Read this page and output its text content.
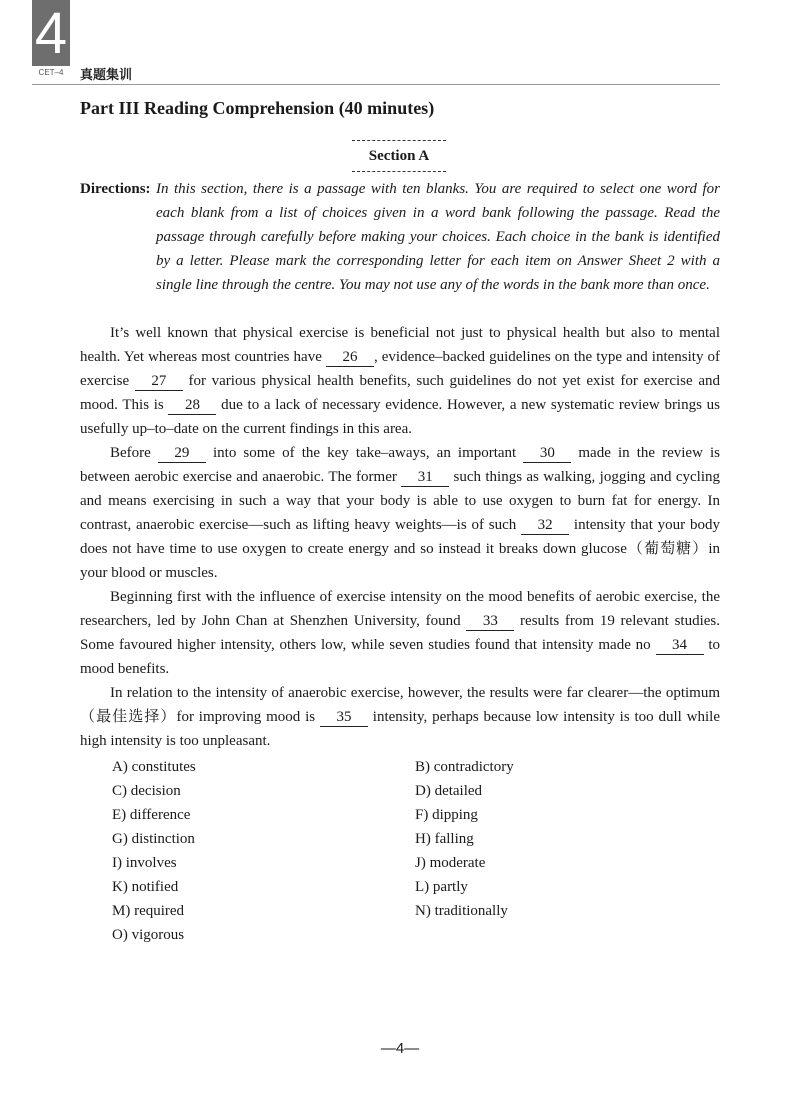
4
CET–4	真题集训
Part III Reading Comprehension (40 minutes)
Section A
Directions: In this section, there is a passage with ten blanks. You are required to select one word for each blank from a list of choices given in a word bank following the passage. Read the passage through carefully before making your choices. Each choice in the bank is identified by a letter. Please mark the corresponding letter for each item on Answer Sheet 2 with a single line through the centre. You may not use any of the words in the bank more than once.

It’s well known that physical exercise is beneficial not just to physical health but also to mental health. Yet whereas most countries have 26 , evidence–backed guidelines on the type and intensity of exercise 27 for various physical health benefits, such guidelines do not yet exist for exercise and mood. This is 28 due to a lack of necessary evidence. However, a new systematic review brings us usefully up–to–date on the current findings in this area.

Before 29 into some of the key take–aways, an important 30 made in the review is between aerobic exercise and anaerobic. The former 31 such things as walking, jogging and cycling and means exercising in such a way that your body is able to use oxygen to burn fat for energy. In contrast, anaerobic exercise—such as lifting heavy weights—is of such 32 intensity that your body does not have time to use oxygen to create energy and so instead it breaks down glucose（葡萄糖）in your blood or muscles.

Beginning first with the influence of exercise intensity on the mood benefits of aerobic exercise, the researchers, led by John Chan at Shenzhen University, found 33 results from 19 relevant studies. Some favoured higher intensity, others low, while seven studies found that intensity made no 34 to mood benefits.

In relation to the intensity of anaerobic exercise, however, the results were far clearer—the optimum（最佳选择）for improving mood is 35 intensity, perhaps because low intensity is too dull while high intensity is too unpleasant.

A) constitutes	B) contradictory
C) decision	D) detailed
E) difference	F) dipping
G) distinction	H) falling
I) involves	J) moderate
K) notified	L) partly
M) required	N) traditionally
O) vigorous
—4—
